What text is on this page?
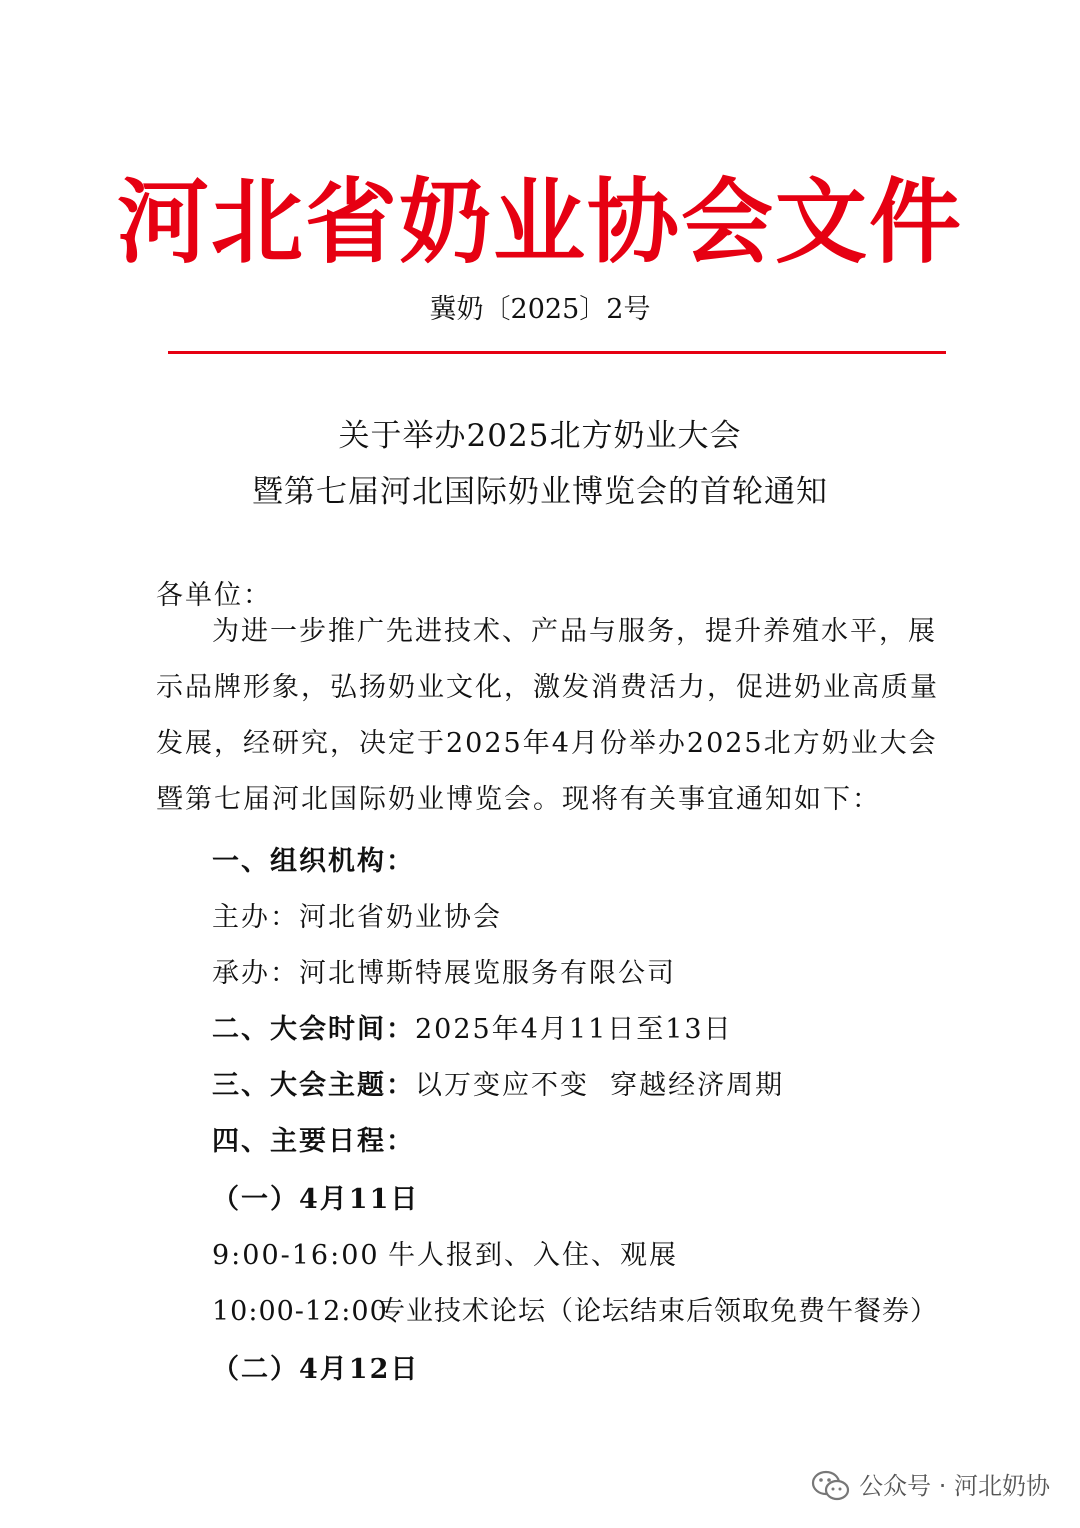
河北省奶业协会文件
冀奶〔2025〕2号
关于举办2025北方奶业大会
暨第七届河北国际奶业博览会的首轮通知
各单位：
为进一步推广先进技术、产品与服务，提升养殖水平，展
示品牌形象，弘扬奶业文化，激发消费活力，促进奶业高质量
发展，经研究，决定于2025年4月份举办2025北方奶业大会
暨第七届河北国际奶业博览会。现将有关事宜通知如下：
一、组织机构：
主办：河北省奶业协会
承办：河北博斯特展览服务有限公司
二、大会时间：2025年4月11日至13日
三、大会主题：以万变应不变  穿越经济周期
四、主要日程：
（一）4月11日
9:00-16:00 牛人报到、入住、观展
10:00-12:00专业技术论坛（论坛结束后领取免费午餐券）
（二）4月12日
公众号 · 河北奶协
